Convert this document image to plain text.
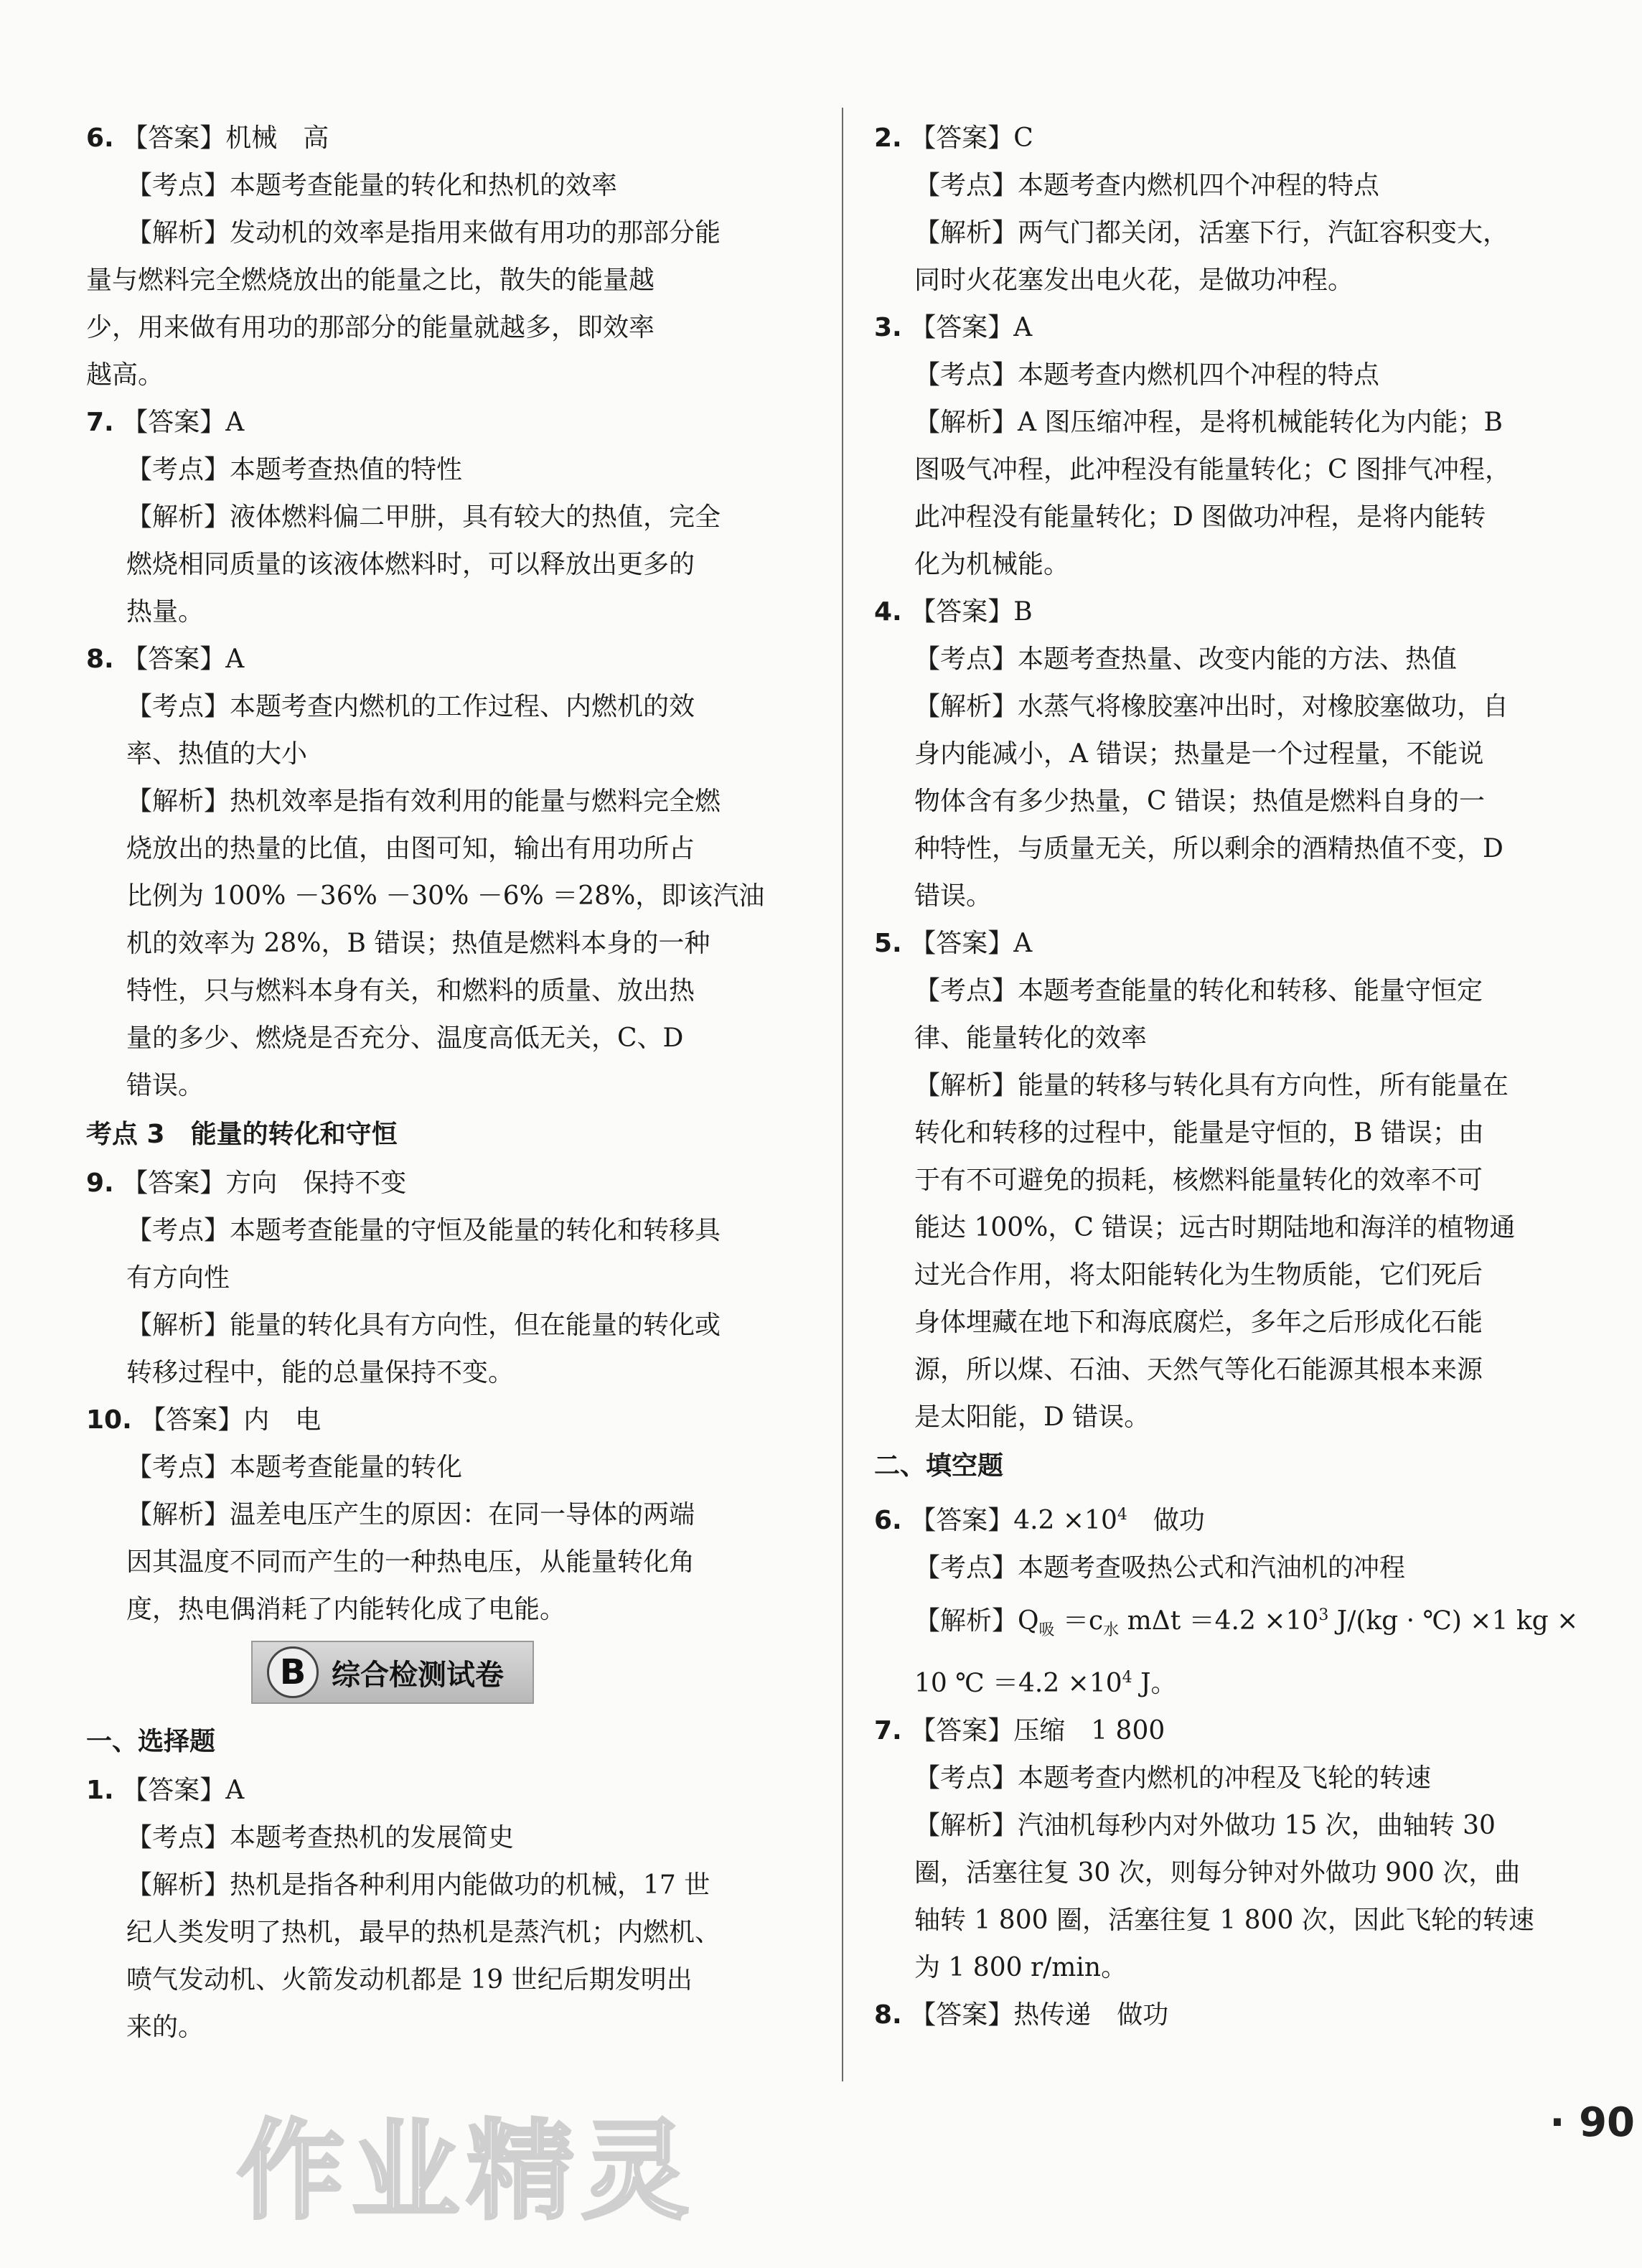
6. 【答案】机械　高

【考点】本题考查能量的转化和热机的效率

【解析】发动机的效率是指用来做有用功的那部分能

量与燃料完全燃烧放出的能量之比，散失的能量越

少，用来做有用功的那部分的能量就越多，即效率

越高。

7. 【答案】A

【考点】本题考查热值的特性

【解析】液体燃料偏二甲肼，具有较大的热值，完全

燃烧相同质量的该液体燃料时，可以释放出更多的

热量。

8. 【答案】A

【考点】本题考查内燃机的工作过程、内燃机的效

率、热值的大小

【解析】热机效率是指有效利用的能量与燃料完全燃

烧放出的热量的比值，由图可知，输出有用功所占

比例为 100% －36% －30% －6% ＝28%，即该汽油

机的效率为 28%，B 错误；热值是燃料本身的一种

特性，只与燃料本身有关，和燃料的质量、放出热

量的多少、燃烧是否充分、温度高低无关，C、D

错误。

考点 3　能量的转化和守恒

9. 【答案】方向　保持不变

【考点】本题考查能量的守恒及能量的转化和转移具

有方向性

【解析】能量的转化具有方向性，但在能量的转化或

转移过程中，能的总量保持不变。

10. 【答案】内　电

【考点】本题考查能量的转化

【解析】温差电压产生的原因：在同一导体的两端

因其温度不同而产生的一种热电压，从能量转化角

度，热电偶消耗了内能转化成了电能。

B 综合检测试卷
一、选择题

1. 【答案】A

【考点】本题考查热机的发展简史

【解析】热机是指各种利用内能做功的机械，17 世

纪人类发明了热机，最早的热机是蒸汽机；内燃机、

喷气发动机、火箭发动机都是 19 世纪后期发明出

来的。

2. 【答案】C

【考点】本题考查内燃机四个冲程的特点

【解析】两气门都关闭，活塞下行，汽缸容积变大，

同时火花塞发出电火花，是做功冲程。

3. 【答案】A

【考点】本题考查内燃机四个冲程的特点

【解析】A 图压缩冲程，是将机械能转化为内能；B

图吸气冲程，此冲程没有能量转化；C 图排气冲程，

此冲程没有能量转化；D 图做功冲程，是将内能转

化为机械能。

4. 【答案】B

【考点】本题考查热量、改变内能的方法、热值

【解析】水蒸气将橡胶塞冲出时，对橡胶塞做功，自

身内能减小，A 错误；热量是一个过程量，不能说

物体含有多少热量，C 错误；热值是燃料自身的一

种特性，与质量无关，所以剩余的酒精热值不变，D

错误。

5. 【答案】A

【考点】本题考查能量的转化和转移、能量守恒定

律、能量转化的效率

【解析】能量的转移与转化具有方向性，所有能量在

转化和转移的过程中，能量是守恒的，B 错误；由

于有不可避免的损耗，核燃料能量转化的效率不可

能达 100%，C 错误；远古时期陆地和海洋的植物通

过光合作用，将太阳能转化为生物质能，它们死后

身体埋藏在地下和海底腐烂，多年之后形成化石能

源，所以煤、石油、天然气等化石能源其根本来源

是太阳能，D 错误。

二、填空题

6. 【答案】$4.2 \times 10^4$　做功

【考点】本题考查吸热公式和汽油机的冲程

【解析】$Q_吸 =c_水$ $m\Delta t =4.2 \times 10^3$ J/(kg · ℃) ×1 kg ×

10 ℃ $=4.2 \times 10^4$ J。

7. 【答案】压缩　1 800

【考点】本题考查内燃机的冲程及飞轮的转速

【解析】汽油机每秒内对外做功 15 次，曲轴转 30

圈，活塞往复 30 次，则每分钟对外做功 900 次，曲

轴转 1 800 圈，活塞往复 1 800 次，因此飞轮的转速

为 1 800 r/min。

8. 【答案】热传递　做功

· 90
作业精灵
